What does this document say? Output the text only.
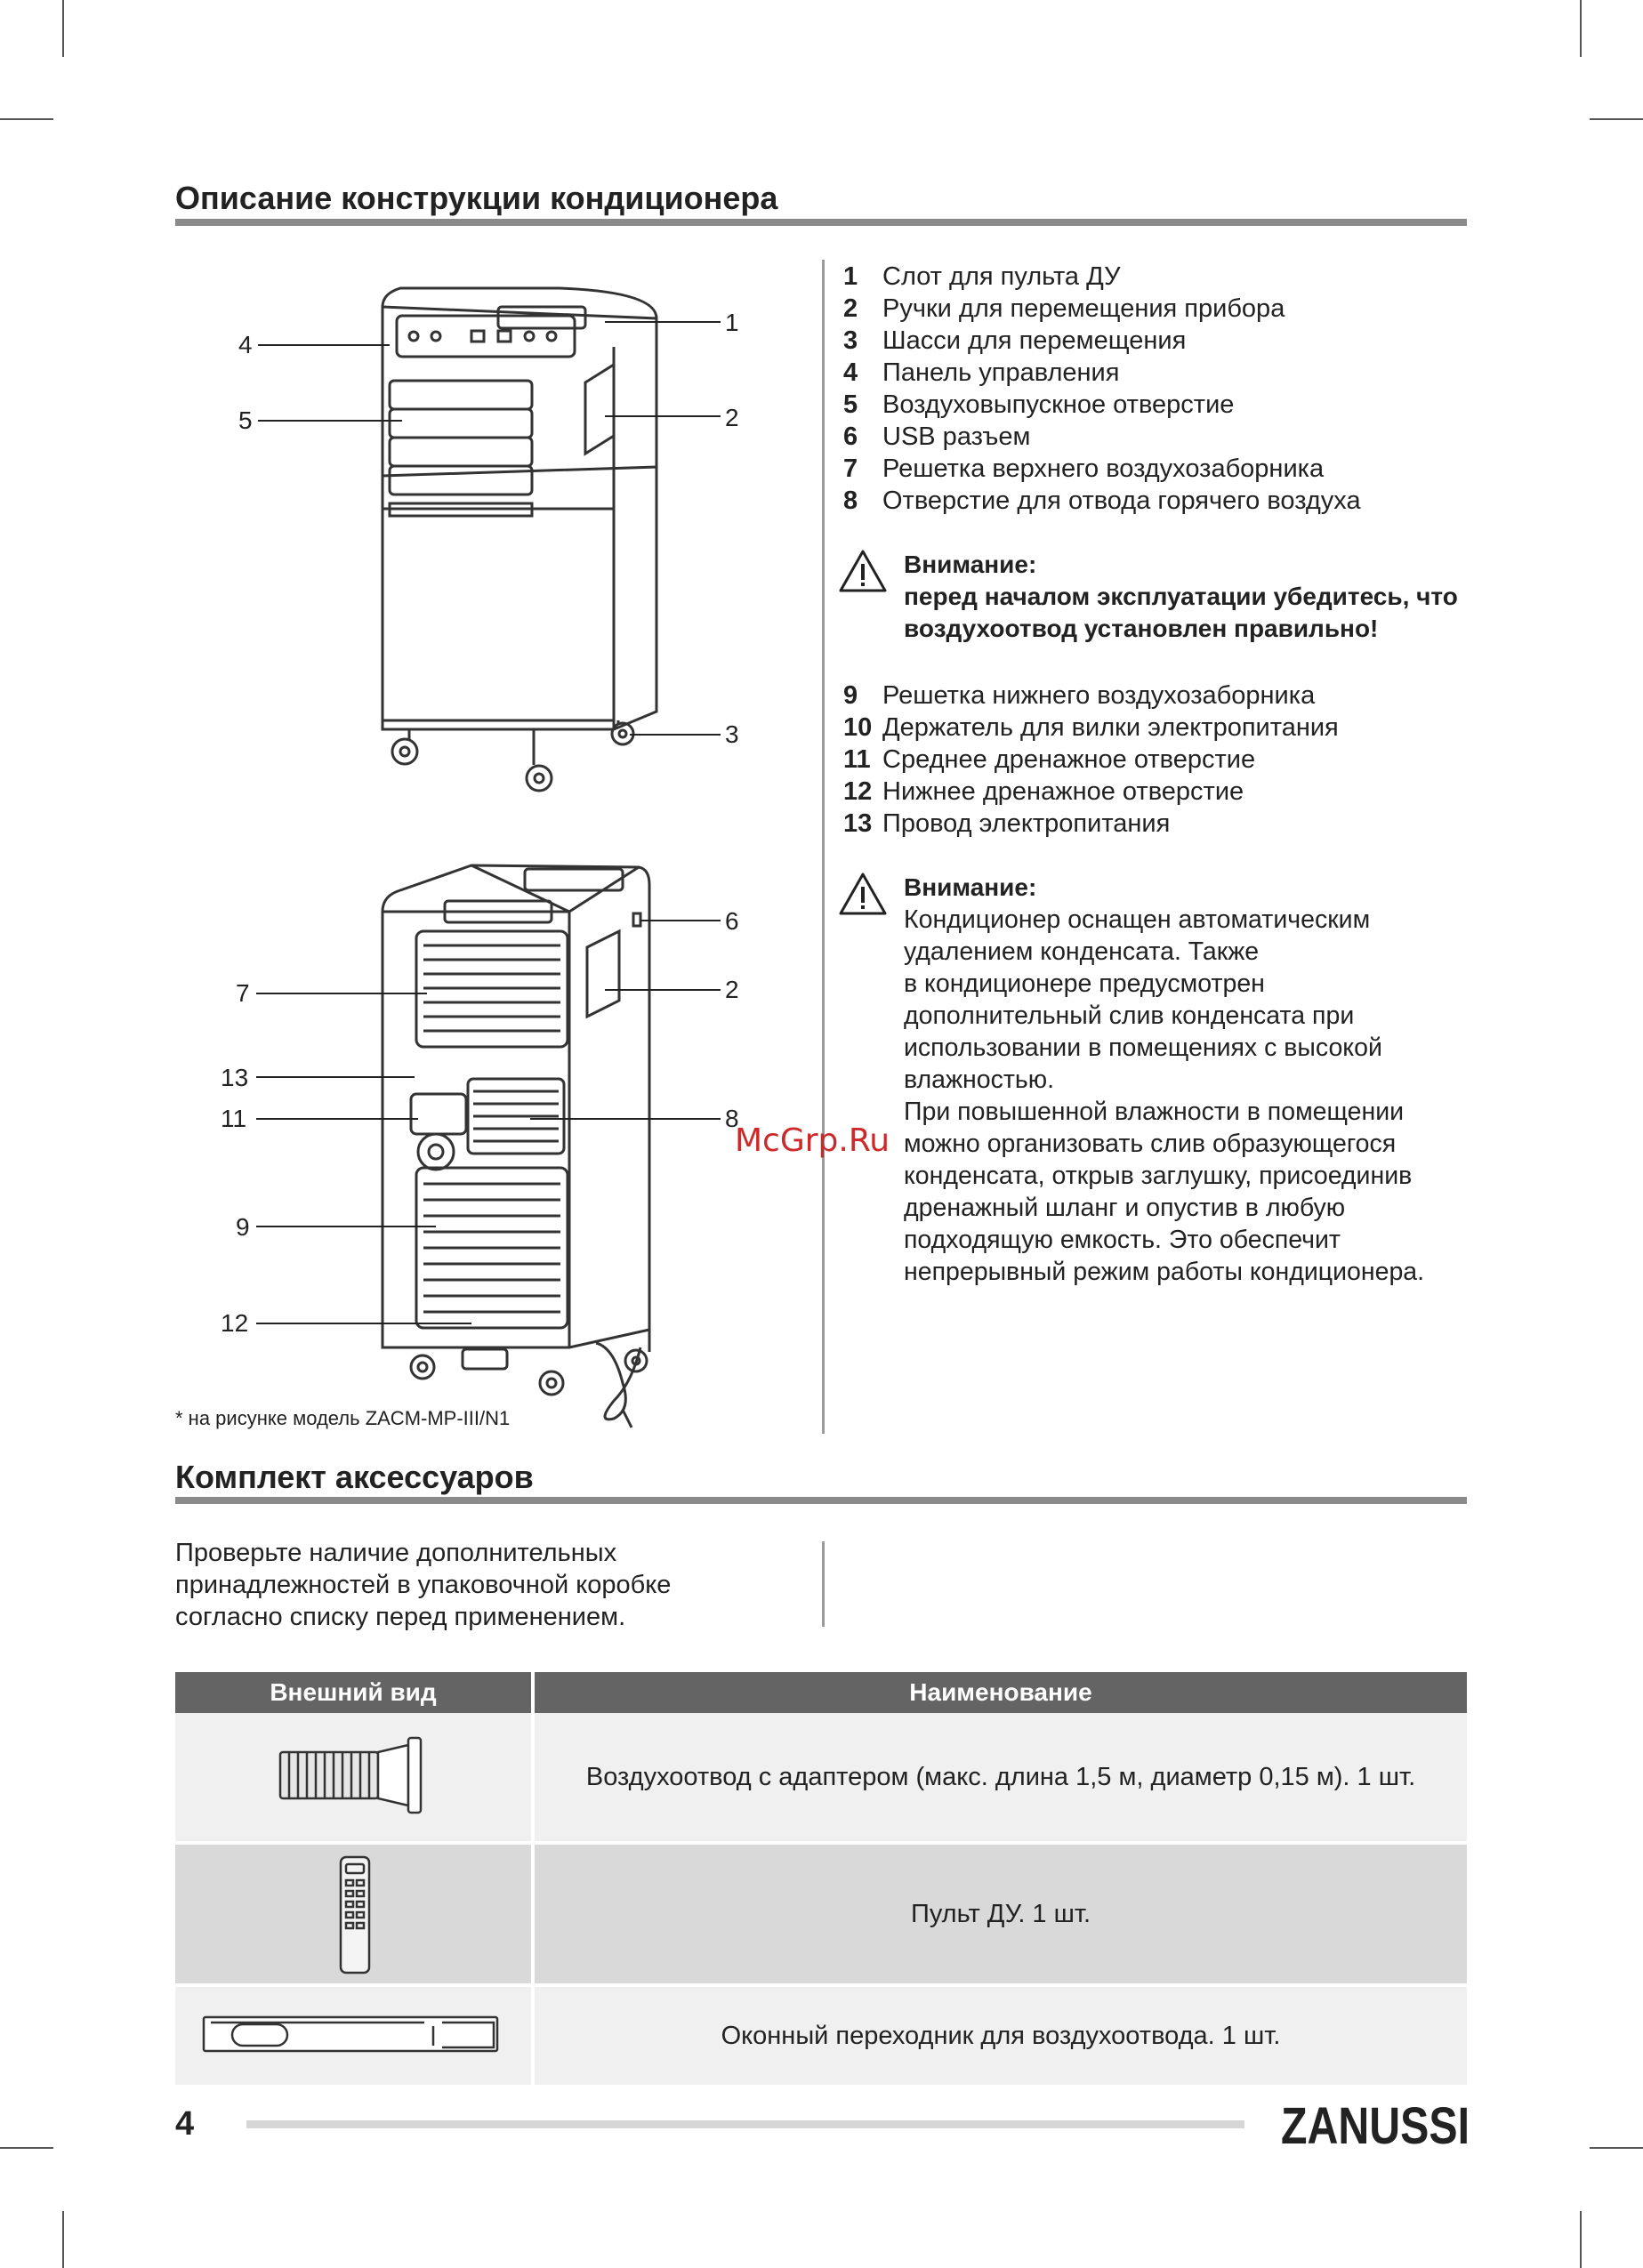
Описание конструкции кондиционера
4
5
1
2
3
7
13
11
9
12
6
2
8
* на рисунке модель ZACM-MP-III/N1
1 Слот для пульта ДУ
2 Ручки для перемещения прибора
3 Шасси для перемещения
4 Панель управления
5 Воздуховыпускное отверстие
6 USB разъем
7 Решетка верхнего воздухозаборника
8 Отверстие для отвода горячего воздуха
Внимание:
перед началом эксплуатации убедитесь, что воздухоотвод установлен правильно!
9 Решетка нижнего воздухозаборника
10 Держатель для вилки электропитания
11 Среднее дренажное отверстие
12 Нижнее дренажное отверстие
13 Провод электропитания
Внимание:
Кондиционер оснащен автоматическим
удалением конденсата. Также
в кондиционере предусмотрен
дополнительный слив конденсата при
использовании в помещениях с высокой
влажностью.
При повышенной влажности в помещении
можно организовать слив образующегося
конденсата, открыв заглушку, присоединив
дренажный шланг и опустив в любую
подходящую емкость. Это обеспечит
непрерывный режим работы кондиционера.
McGrp.Ru
Комплект аксессуаров
Проверьте наличие дополнительных
принадлежностей в упаковочной коробке
согласно списку перед применением.
Внешний вид	Наименование
Воздухоотвод с адаптером (макс. длина 1,5 м, диаметр 0,15 м). 1 шт.
Пульт ДУ. 1 шт.
Оконный переходник для воздухоотвода. 1 шт.
4	ZANUSSI
